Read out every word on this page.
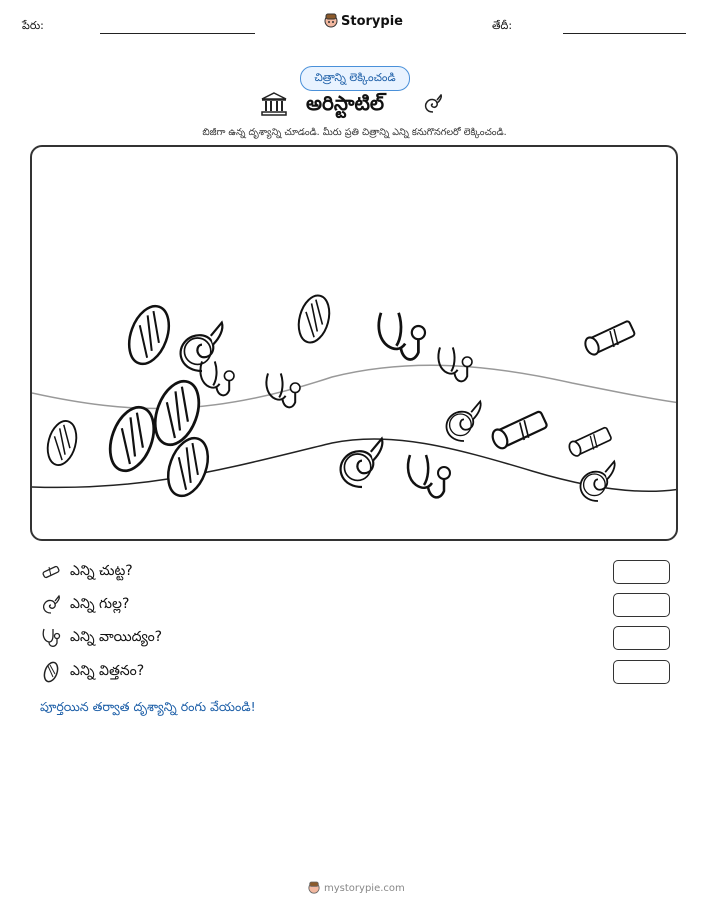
పేరు:	Storypie	తేదీ:
చిత్రాన్ని లెక్కించండి
అరిస్టాటిల్
బిజీగా ఉన్న దృశ్యాన్ని చూడండి. మీరు ప్రతి చిత్రాన్ని ఎన్ని కనుగొనగలరో లెక్కించండి.
ఎన్ని చుట్ట?
ఎన్ని గుల్ల?
ఎన్ని వాయిద్యం?
ఎన్ని విత్తనం?
పూర్తయిన తర్వాత దృశ్యాన్ని రంగు వేయండి!
mystorypie.com
